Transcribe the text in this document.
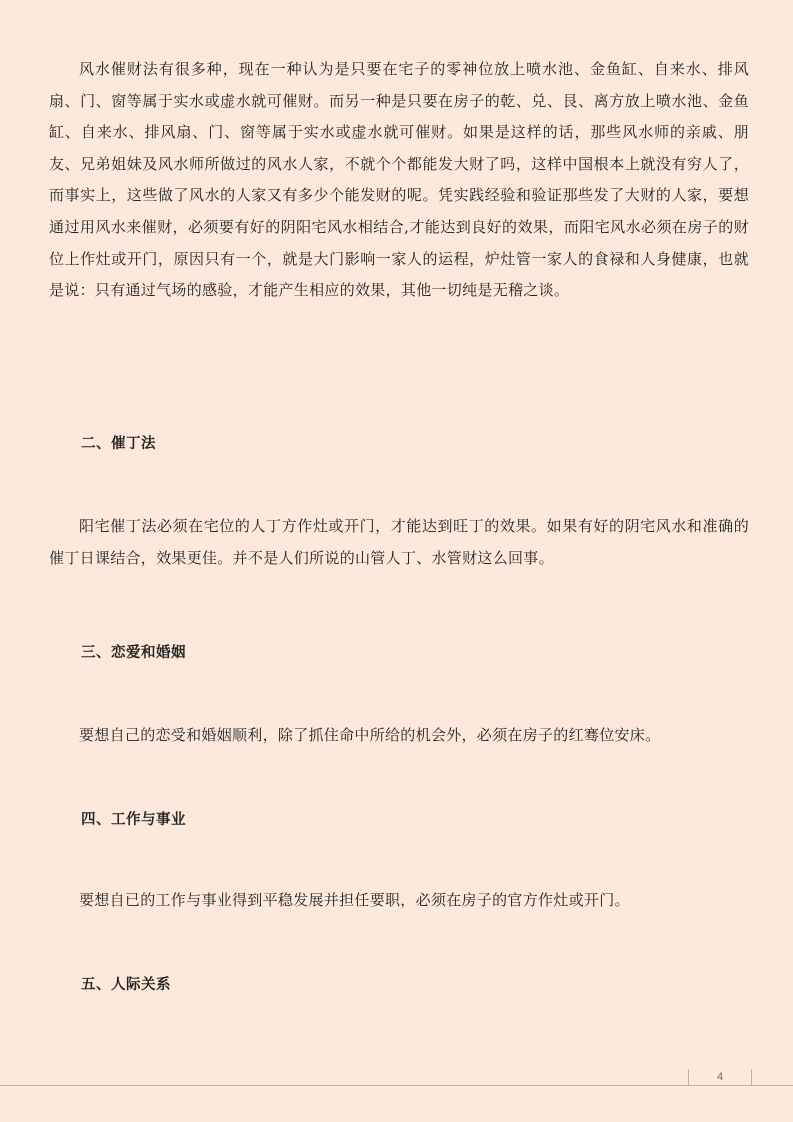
风水催财法有很多种，现在一种认为是只要在宅子的零神位放上喷水池、金鱼缸、自来水、排风扇、门、窗等属于实水或虚水就可催财。而另一种是只要在房子的乾、兑、艮、离方放上喷水池、金鱼缸、自来水、排风扇、门、窗等属于实水或虚水就可催财。如果是这样的话，那些风水师的亲戚、朋友、兄弟姐妹及风水师所做过的风水人家，不就个个都能发大财了吗，这样中国根本上就没有穷人了，而事实上，这些做了风水的人家又有多少个能发财的呢。凭实践经验和验证那些发了大财的人家，要想通过用风水来催财，必须要有好的阴阳宅风水相结合,才能达到良好的效果，而阳宅风水必须在房子的财位上作灶或开门，原因只有一个，就是大门影响一家人的运程，炉灶管一家人的食禄和人身健康，也就是说：只有通过气场的感验，才能产生相应的效果，其他一切纯是无稽之谈。

二、催丁法

阳宅催丁法必须在宅位的人丁方作灶或开门，才能达到旺丁的效果。如果有好的阴宅风水和准确的催丁日课结合，效果更佳。并不是人们所说的山管人丁、水管财这么回事。

三、恋爱和婚姻

要想自己的恋受和婚姻顺利，除了抓住命中所给的机会外，必须在房子的红骞位安床。

四、工作与事业

要想自已的工作与事业得到平稳发展并担任要职，必须在房子的官方作灶或开门。

五、人际关系
4
